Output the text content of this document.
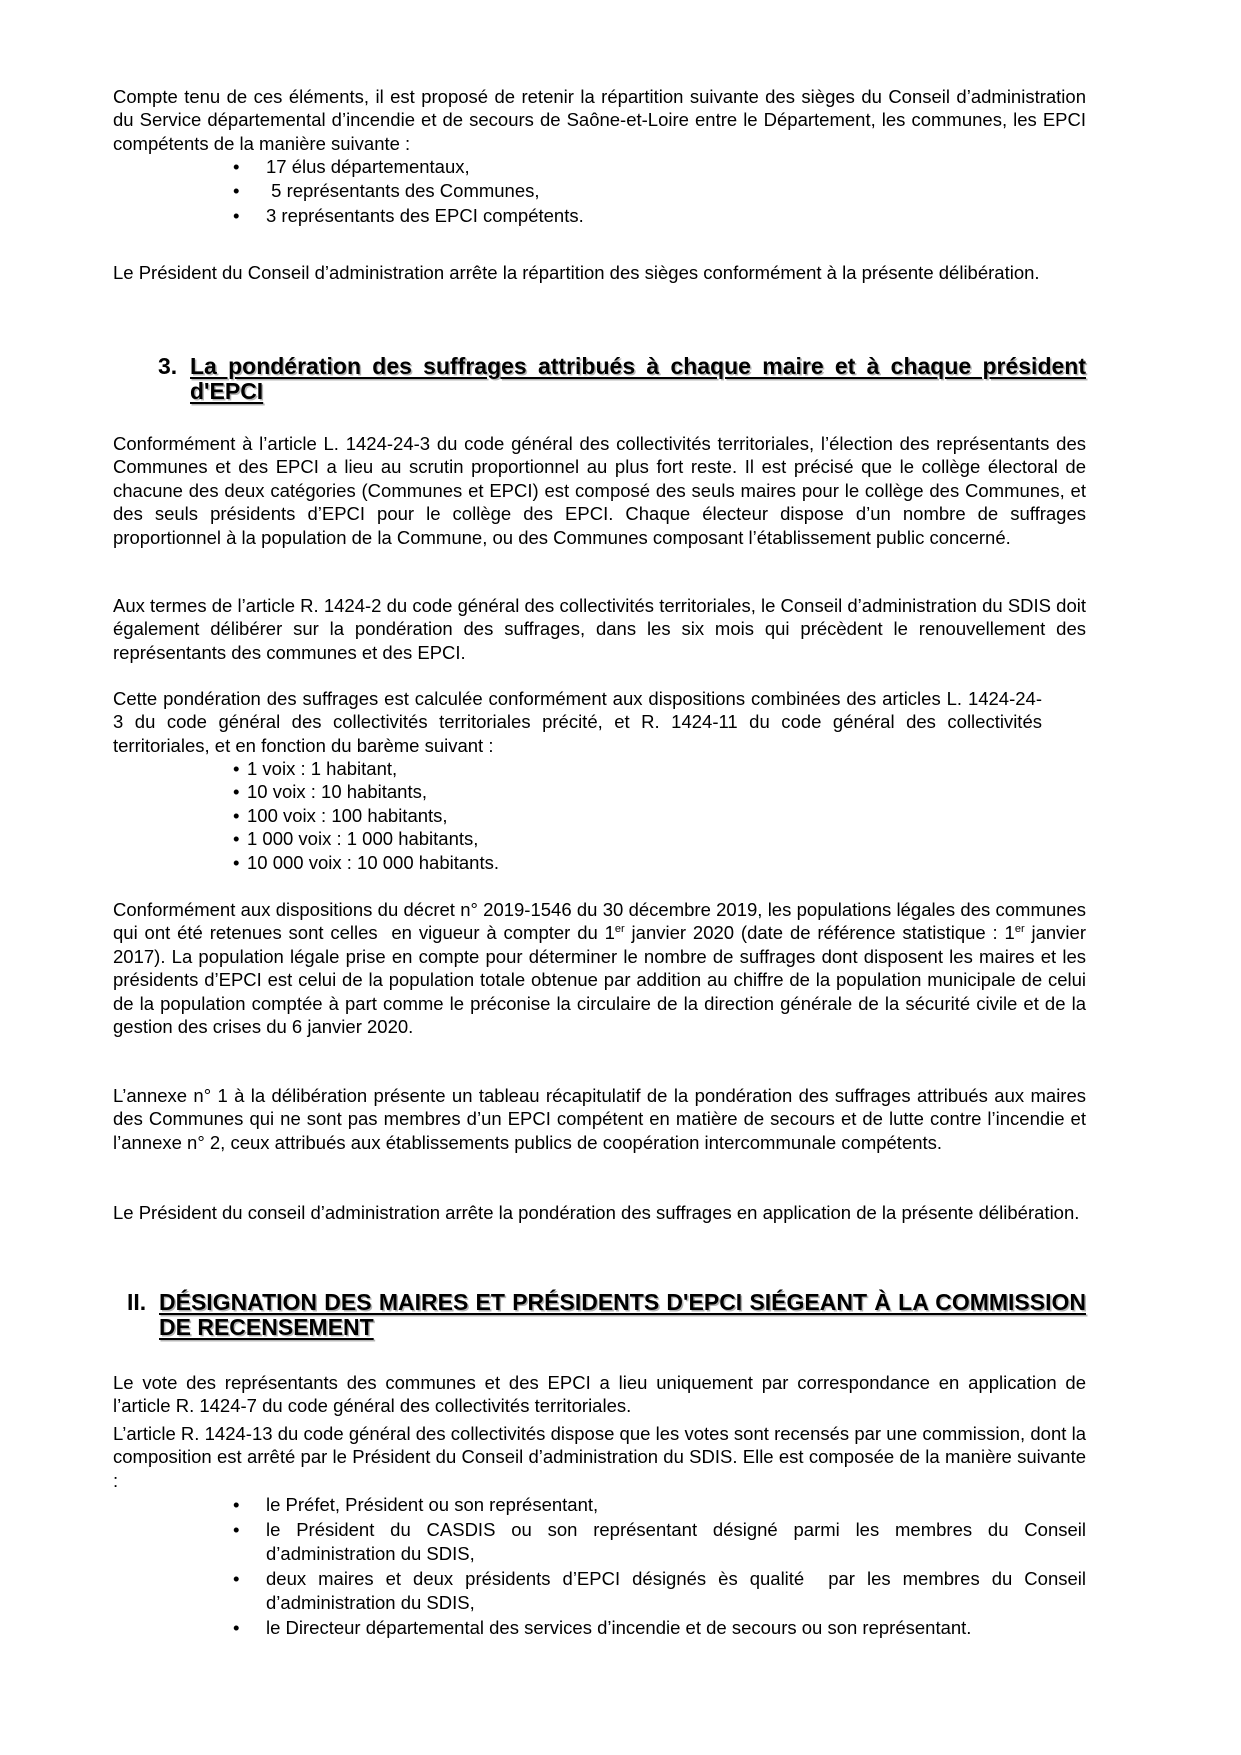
Compte tenu de ces éléments, il est proposé de retenir la répartition suivante des sièges du Conseil d’administration du Service départemental d’incendie et de secours de Saône-et-Loire entre le Département, les communes, les EPCI compétents de la manière suivante :

• 17 élus départementaux,
• 5 représentants des Communes,
• 3 représentants des EPCI compétents.

Le Président du Conseil d’administration arrête la répartition des sièges conformément à la présente délibération.

3. La pondération des suffrages attribués à chaque maire et à chaque président d'EPCI

Conformément à l’article L. 1424-24-3 du code général des collectivités territoriales, l’élection des représentants des Communes et des EPCI a lieu au scrutin proportionnel au plus fort reste. Il est précisé que le collège électoral de chacune des deux catégories (Communes et EPCI) est composé des seuls maires pour le collège des Communes, et des seuls présidents d’EPCI pour le collège des EPCI. Chaque électeur dispose d’un nombre de suffrages proportionnel à la population de la Commune, ou des Communes composant l’établissement public concerné.

Aux termes de l’article R. 1424-2 du code général des collectivités territoriales, le Conseil d’administration du SDIS doit également délibérer sur la pondération des suffrages, dans les six mois qui précèdent le renouvellement des représentants des communes et des EPCI.

Cette pondération des suffrages est calculée conformément aux dispositions combinées des articles L. 1424-24-3 du code général des collectivités territoriales précité, et R. 1424-11 du code général des collectivités territoriales, et en fonction du barème suivant :

• 1 voix : 1 habitant,
• 10 voix : 10 habitants,
• 100 voix : 100 habitants,
• 1 000 voix : 1 000 habitants,
• 10 000 voix : 10 000 habitants.

Conformément aux dispositions du décret n° 2019-1546 du 30 décembre 2019, les populations légales des communes qui ont été retenues sont celles  en vigueur à compter du 1er janvier 2020 (date de référence statistique : 1er janvier 2017). La population légale prise en compte pour déterminer le nombre de suffrages dont disposent les maires et les présidents d’EPCI est celui de la population totale obtenue par addition au chiffre de la population municipale de celui de la population comptée à part comme le préconise la circulaire de la direction générale de la sécurité civile et de la gestion des crises du 6 janvier 2020.

L’annexe n° 1 à la délibération présente un tableau récapitulatif de la pondération des suffrages attribués aux maires des Communes qui ne sont pas membres d’un EPCI compétent en matière de secours et de lutte contre l’incendie et l’annexe n° 2, ceux attribués aux établissements publics de coopération intercommunale compétents.

Le Président du conseil d’administration arrête la pondération des suffrages en application de la présente délibération.

II. DÉSIGNATION DES MAIRES ET PRÉSIDENTS D'EPCI SIÉGEANT À LA COMMISSION DE RECENSEMENT

Le vote des représentants des communes et des EPCI a lieu uniquement par correspondance en application de l’article R. 1424-7 du code général des collectivités territoriales.

L’article R. 1424-13 du code général des collectivités dispose que les votes sont recensés par une commission, dont la composition est arrêté par le Président du Conseil d’administration du SDIS. Elle est composée de la manière suivante :

• le Préfet, Président ou son représentant,

• le Président du CASDIS ou son représentant désigné parmi les membres du Conseil d’administration du SDIS,

• deux maires et deux présidents d’EPCI désignés ès qualité  par les membres du Conseil d’administration du SDIS,

• le Directeur départemental des services d’incendie et de secours ou son représentant.
